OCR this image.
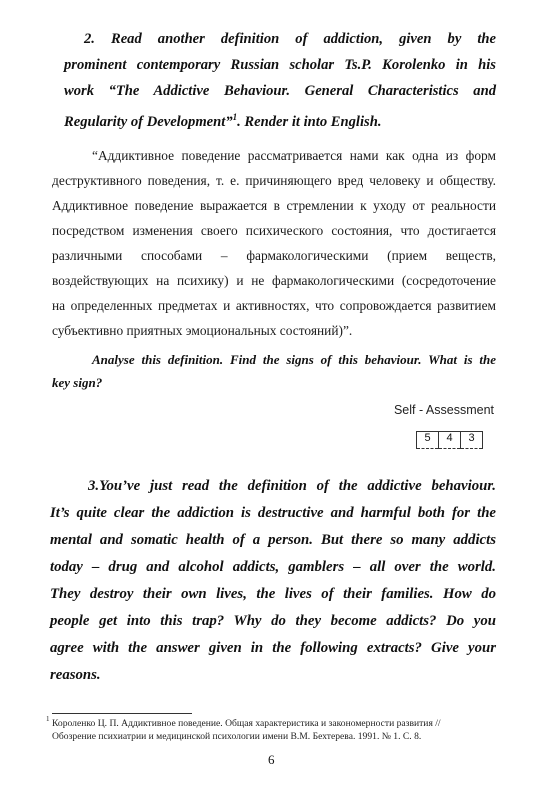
2. Read another definition of addiction, given by the
prominent contemporary Russian scholar Ts.P. Korolenko in his
work “The Addictive Behaviour. General Characteristics and
Regularity of Development”$^1$. Render it into English.
“Аддиктивное поведение рассматривается нами как одна из форм
деструктивного поведения, т. е. причиняющего вред человеку и обществу.
Аддиктивное поведение выражается в стремлении к уходу от реальности
посредством изменения своего психического состояния, что достигается
различными способами – фармакологическими (прием веществ,
воздействующих на психику) и не фармакологическими (сосредоточение
на определенных предметах и активностях, что сопровождается развитием
субъективно приятных эмоциональных состояний)”.
Analyse this definition. Find the signs of this behaviour. What is the
key sign?
Self - Assessment
5	4	3
3.You’ve just read the definition of the addictive behaviour.
It’s quite clear the addiction is destructive and harmful both for the
mental and somatic health of a person. But there so many addicts
today – drug and alcohol addicts, gamblers – all over the world.
They destroy their own lives, the lives of their families. How do
people get into this trap? Why do they become addicts? Do you
agree with the answer given in the following extracts? Give your
reasons.
1 Короленко Ц. П. Аддиктивное поведение. Общая характеристика и закономерности развития //
Обозрение психиатрии и медицинской психологии имени В.М. Бехтерева. 1991. № 1. С. 8.
6
